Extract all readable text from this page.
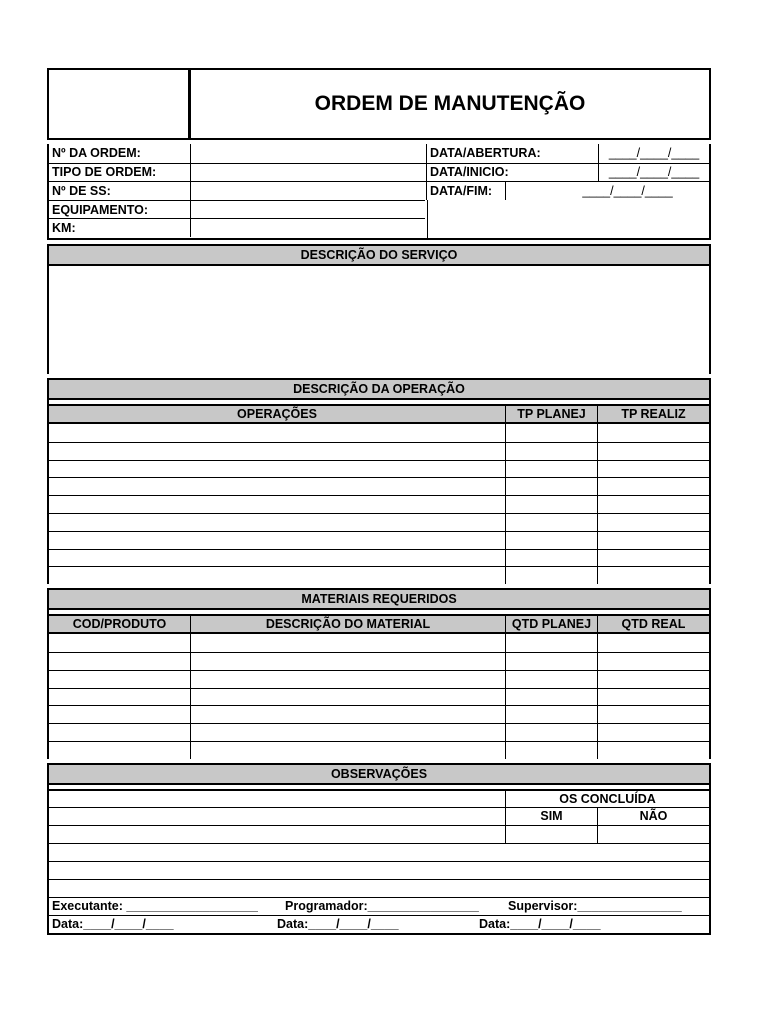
ORDEM DE MANUTENÇÃO
Nº DA ORDEM:	DATA/ABERTURA:	____/____/____
TIPO DE ORDEM:	DATA/INICIO:	____/____/____
Nº DE SS:	DATA/FIM:	____/____/____
EQUIPAMENTO:
KM:
DESCRIÇÃO DO SERVIÇO
DESCRIÇÃO DA OPERAÇÃO
OPERAÇÕES	TP PLANEJ	TP REALIZ
MATERIAIS REQUERIDOS
COD/PRODUTO	DESCRIÇÃO DO MATERIAL	QTD PLANEJ	QTD REAL
OBSERVAÇÕES
OS CONCLUÍDA
SIM	NÃO
Executante: ___________________ Programador:________________ Supervisor:_______________
Data:____/____/____	Data:____/____/____	Data:____/____/____
